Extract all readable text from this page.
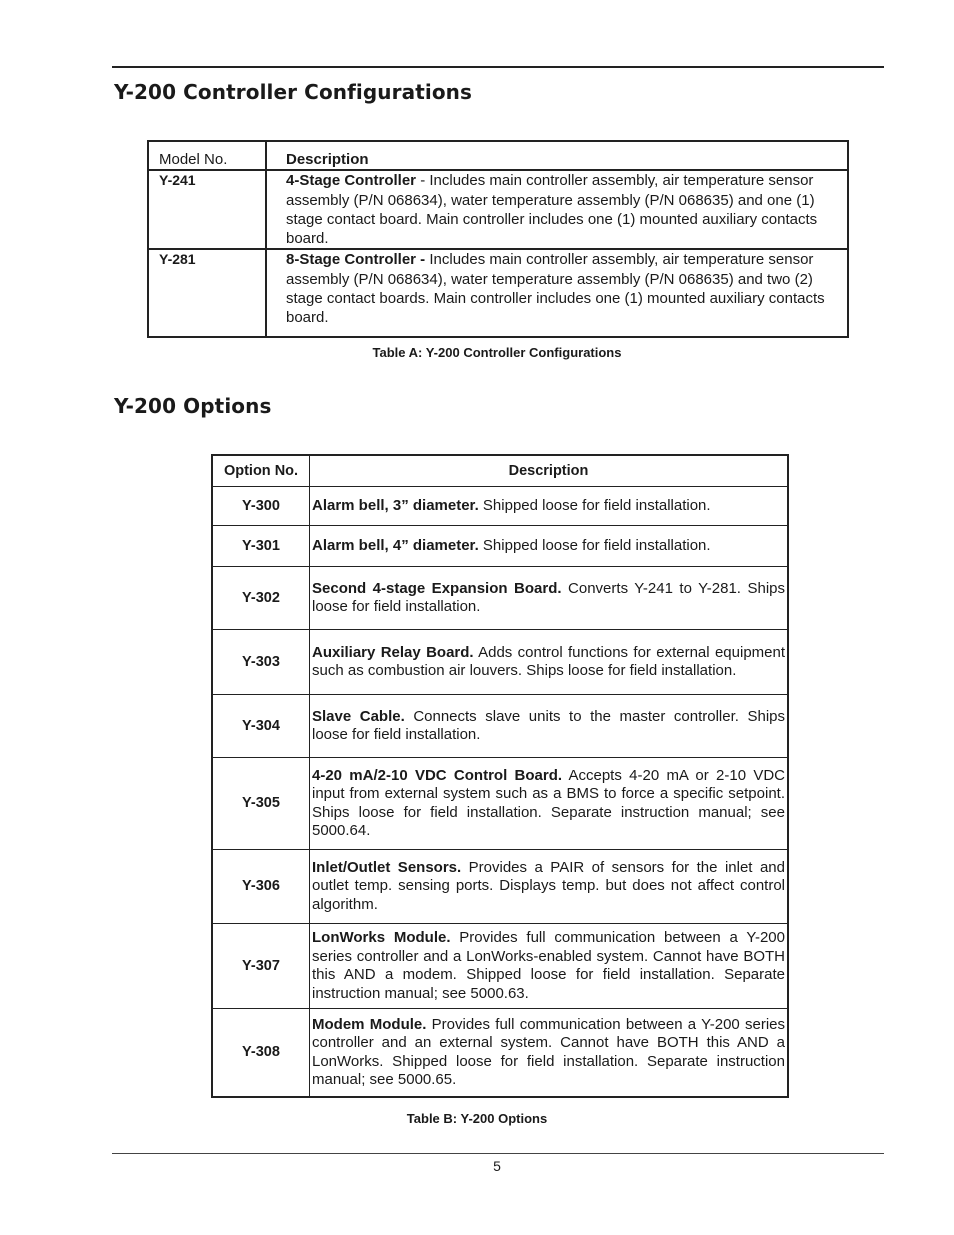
Y-200 Controller Configurations
Model No.	Description
Y-241	4-Stage Controller - Includes main controller assembly, air temperature sensor assembly (P/N 068634), water temperature assembly (P/N 068635) and one (1) stage contact board. Main controller includes one (1) mounted auxiliary contacts board.
Y-281	8-Stage Controller - Includes main controller assembly, air temperature sensor assembly (P/N 068634), water temperature assembly (P/N 068635) and two (2) stage contact boards. Main controller includes one (1) mounted auxiliary contacts board.
Table A: Y-200 Controller Configurations
Y-200 Options
Option No.	Description
Y-300	Alarm bell, 3” diameter. Shipped loose for field installation.
Y-301	Alarm bell, 4” diameter. Shipped loose for field installation.
Y-302	Second 4-stage Expansion Board. Converts Y-241 to Y-281. Ships loose for field installation.
Y-303	Auxiliary Relay Board. Adds control functions for external equipment such as combustion air louvers. Ships loose for field installation.
Y-304	Slave Cable. Connects slave units to the master controller. Ships loose for field installation.
Y-305	4-20 mA/2-10 VDC Control Board. Accepts 4-20 mA or 2-10 VDC input from external system such as a BMS to force a specific setpoint. Ships loose for field installation. Separate instruction manual; see 5000.64.
Y-306	Inlet/Outlet Sensors. Provides a PAIR of sensors for the inlet and outlet temp. sensing ports. Displays temp. but does not affect control algorithm.
Y-307	LonWorks Module. Provides full communication between a Y-200 series controller and a LonWorks-enabled system. Cannot have BOTH this AND a modem. Shipped loose for field installation. Separate instruction manual; see 5000.63.
Y-308	Modem Module. Provides full communication between a Y-200 series controller and an external system. Cannot have BOTH this AND a LonWorks. Shipped loose for field installation. Separate instruction manual; see 5000.65.
Table B: Y-200 Options
5
